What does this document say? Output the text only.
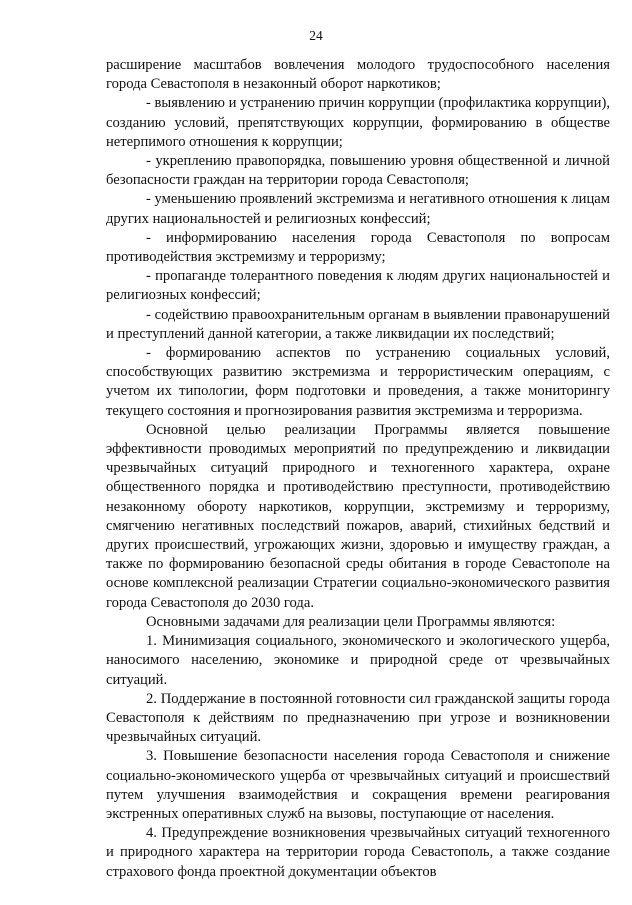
24

расширение масштабов вовлечения молодого трудоспособного населения города Севастополя в незаконный оборот наркотиков;

- выявлению и устранению причин коррупции (профилактика коррупции), созданию условий, препятствующих коррупции, формированию в обществе нетерпимого отношения к коррупции;

- укреплению правопорядка, повышению уровня общественной и личной безопасности граждан на территории города Севастополя;

- уменьшению проявлений экстремизма и негативного отношения к лицам других национальностей и религиозных конфессий;

- информированию населения города Севастополя по вопросам противодействия экстремизму и терроризму;

- пропаганде толерантного поведения к людям других национальностей и религиозных конфессий;

- содействию правоохранительным органам в выявлении правонарушений и преступлений данной категории, а также ликвидации их последствий;

- формированию аспектов по устранению социальных условий, способствующих развитию экстремизма и террористическим операциям, с учетом их типологии, форм подготовки и проведения, а также мониторингу текущего состояния и прогнозирования развития экстремизма и терроризма.

Основной целью реализации Программы является повышение эффективности проводимых мероприятий по предупреждению и ликвидации чрезвычайных ситуаций природного и техногенного характера, охране общественного порядка и противодействию преступности, противодействию незаконному обороту наркотиков, коррупции, экстремизму и терроризму, смягчению негативных последствий пожаров, аварий, стихийных бедствий и других происшествий, угрожающих жизни, здоровью и имуществу граждан, а также по формированию безопасной среды обитания в городе Севастополе на основе комплексной реализации Стратегии социально-экономического развития города Севастополя до 2030 года.

Основными задачами для реализации цели Программы являются:

1. Минимизация социального, экономического и экологического ущерба, наносимого населению, экономике и природной среде от чрезвычайных ситуаций.

2. Поддержание в постоянной готовности сил гражданской защиты города Севастополя к действиям по предназначению при угрозе и возникновении чрезвычайных ситуаций.

3. Повышение безопасности населения города Севастополя и снижение социально-экономического ущерба от чрезвычайных ситуаций и происшествий путем улучшения взаимодействия и сокращения времени реагирования экстренных оперативных служб на вызовы, поступающие от населения.

4. Предупреждение возникновения чрезвычайных ситуаций техногенного и природного характера на территории города Севастополь, а также создание страхового фонда проектной документации объектов
